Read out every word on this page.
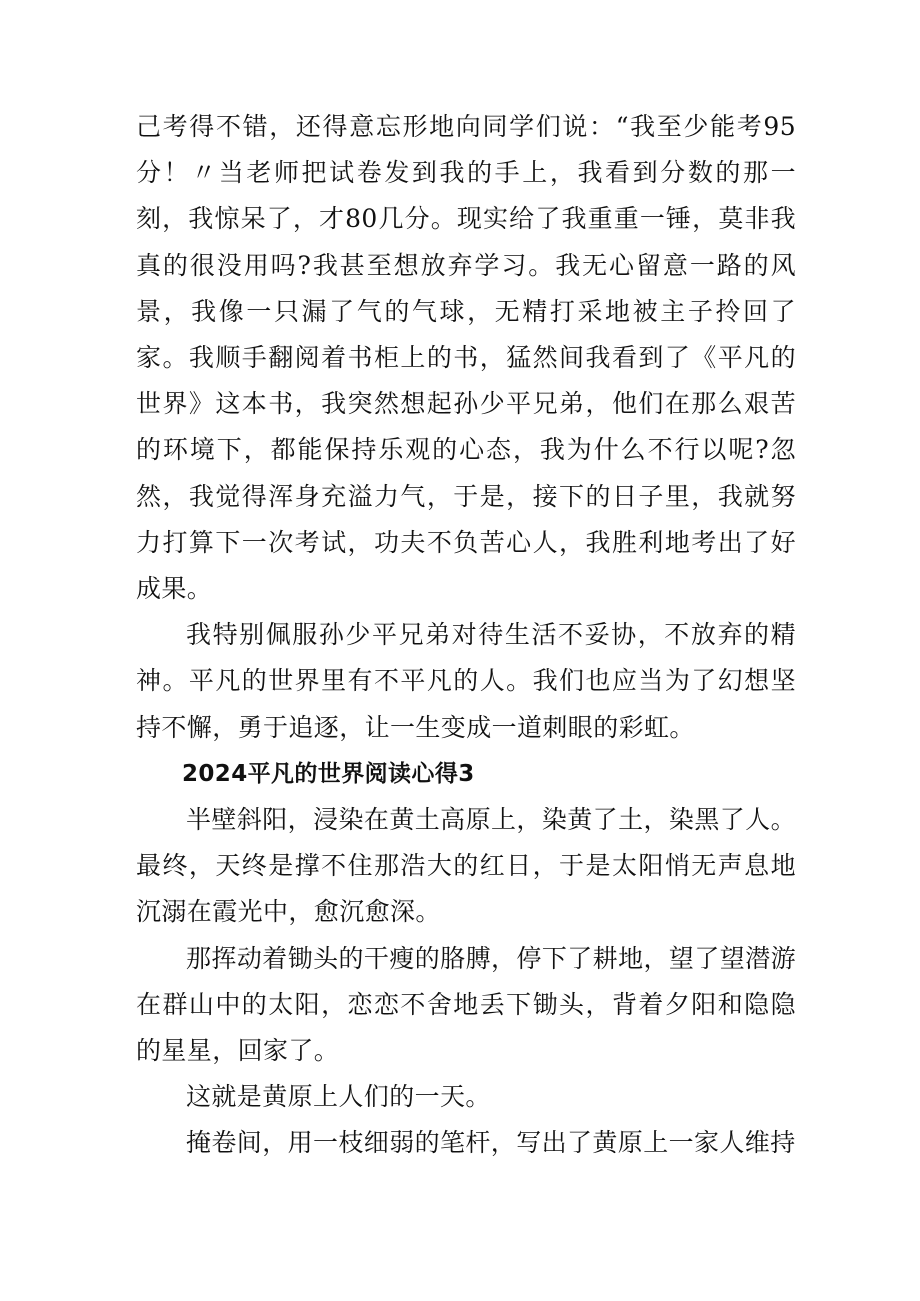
己考得不错，还得意忘形地向同学们说：“我至少能考95分！〃当老师把试卷发到我的手上，我看到分数的那一刻，我惊呆了，才80几分。现实给了我重重一锤，莫非我真的很没用吗?我甚至想放弃学习。我无心留意一路的风景，我像一只漏了气的气球，无精打采地被主子拎回了家。我顺手翻阅着书柜上的书，猛然间我看到了《平凡的世界》这本书，我突然想起孙少平兄弟，他们在那么艰苦的环境下，都能保持乐观的心态，我为什么不行以呢?忽然，我觉得浑身充溢力气，于是，接下的日子里，我就努力打算下一次考试，功夫不负苦心人，我胜利地考出了好成果。

我特别佩服孙少平兄弟对待生活不妥协，不放弃的精神。平凡的世界里有不平凡的人。我们也应当为了幻想坚持不懈，勇于追逐，让一生变成一道刺眼的彩虹。

2024平凡的世界阅读心得3

半壁斜阳，浸染在黄土高原上，染黄了土，染黑了人。最终，天终是撑不住那浩大的红日，于是太阳悄无声息地沉溺在霞光中，愈沉愈深。

那挥动着锄头的干瘦的胳膊，停下了耕地，望了望潜游在群山中的太阳，恋恋不舍地丢下锄头，背着夕阳和隐隐的星星，回家了。

这就是黄原上人们的一天。

掩卷间，用一枝细弱的笔杆，写出了黄原上一家人维持
